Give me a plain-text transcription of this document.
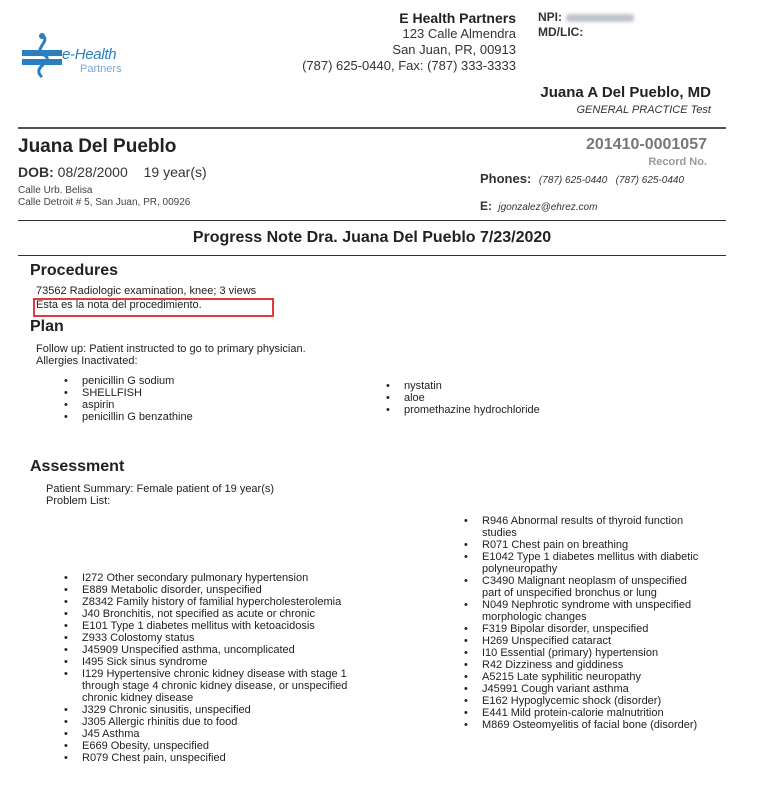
e-Health
Partners
E Health Partners
123 Calle Almendra
San Juan, PR, 00913
(787) 625-0440, Fax: (787) 333-3333
NPI:
MD/LIC:
Juana A Del Pueblo, MD
GENERAL PRACTICE Test
Juana Del Pueblo
DOB: 08/28/2000 19 year(s)
Calle Urb. Belisa
Calle Detroit # 5, San Juan, PR, 00926
201410-0001057
Record No.
Phones: (787) 625-0440   (787) 625-0440
E: jgonzalez@ehrez.com
Progress Note Dra. Juana Del Pueblo 7/23/2020
Procedures
73562 Radiologic examination, knee; 3 views
Esta es la nota del procedimiento.
Plan
Follow up: Patient instructed to go to primary physician.
Allergies Inactivated:
• penicillin G sodium
• SHELLFISH
• aspirin
• penicillin G benzathine
• nystatin
• aloe
• promethazine hydrochloride
Assessment
Patient Summary: Female patient of 19 year(s)
Problem List:
• I272 Other secondary pulmonary hypertension
• E889 Metabolic disorder, unspecified
• Z8342 Family history of familial hypercholesterolemia
• J40 Bronchitis, not specified as acute or chronic
• E101 Type 1 diabetes mellitus with ketoacidosis
• Z933 Colostomy status
• J45909 Unspecified asthma, uncomplicated
• I495 Sick sinus syndrome
• I129 Hypertensive chronic kidney disease with stage 1 through stage 4 chronic kidney disease, or unspecified chronic kidney disease
• J329 Chronic sinusitis, unspecified
• J305 Allergic rhinitis due to food
• J45 Asthma
• E669 Obesity, unspecified
• R079 Chest pain, unspecified
• R946 Abnormal results of thyroid function studies
• R071 Chest pain on breathing
• E1042 Type 1 diabetes mellitus with diabetic polyneuropathy
• C3490 Malignant neoplasm of unspecified part of unspecified bronchus or lung
• N049 Nephrotic syndrome with unspecified morphologic changes
• F319 Bipolar disorder, unspecified
• H269 Unspecified cataract
• I10 Essential (primary) hypertension
• R42 Dizziness and giddiness
• A5215 Late syphilitic neuropathy
• J45991 Cough variant asthma
• E162 Hypoglycemic shock (disorder)
• E441 Mild protein-calorie malnutrition
• M869 Osteomyelitis of facial bone (disorder)
